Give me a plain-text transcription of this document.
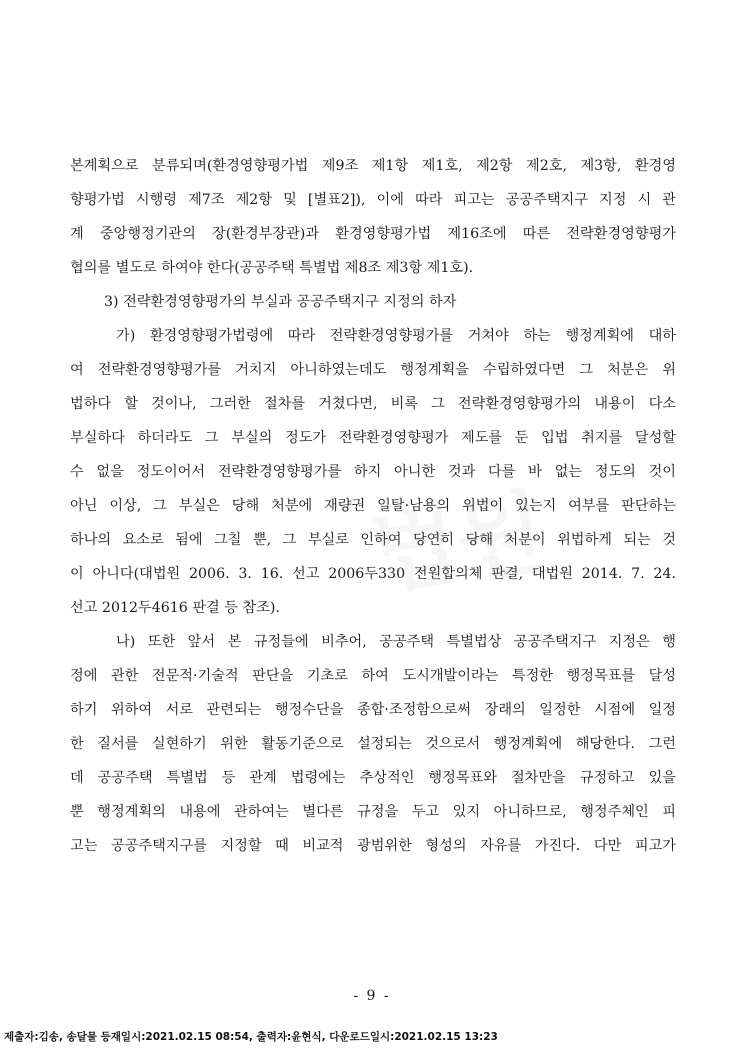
본계획으로 분류되며(환경영향평가법 제9조 제1항 제1호, 제2항 제2호, 제3항, 환경영
향평가법 시행령 제7조 제2항 및 [별표2]), 이에 따라 피고는 공공주택지구 지정 시 관
계 중앙행정기관의 장(환경부장관)과 환경영향평가법 제16조에 따른 전략환경영향평가
협의를 별도로 하여야 한다(공공주택 특별법 제8조 제3항 제1호).
3) 전략환경영향평가의 부실과 공공주택지구 지정의 하자
가) 환경영향평가법령에 따라 전략환경영향평가를 거쳐야 하는 행정계획에 대하
여 전략환경영향평가를 거치지 아니하였는데도 행정계획을 수립하였다면 그 처분은 위
법하다 할 것이나, 그러한 절차를 거쳤다면, 비록 그 전략환경영향평가의 내용이 다소
부실하다 하더라도 그 부실의 정도가 전략환경영향평가 제도를 둔 입법 취지를 달성할
수 없을 정도이어서 전략환경영향평가를 하지 아니한 것과 다를 바 없는 정도의 것이
아닌 이상, 그 부실은 당해 처분에 재량권 일탈·남용의 위법이 있는지 여부를 판단하는
하나의 요소로 됨에 그칠 뿐, 그 부실로 인하여 당연히 당해 처분이 위법하게 되는 것
이 아니다(대법원 2006. 3. 16. 선고 2006두330 전원합의체 판결, 대법원 2014. 7. 24.
선고 2012두4616 판결 등 참조).
나) 또한 앞서 본 규정들에 비추어, 공공주택 특별법상 공공주택지구 지정은 행
정에 관한 전문적·기술적 판단을 기초로 하여 도시개발이라는 특정한 행정목표를 달성
하기 위하여 서로 관련되는 행정수단을 종합·조정함으로써 장래의 일정한 시점에 일정
한 질서를 실현하기 위한 활동기준으로 설정되는 것으로서 행정계획에 해당한다. 그런
데 공공주택 특별법 등 관계 법령에는 추상적인 행정목표와 절차만을 규정하고 있을
뿐 행정계획의 내용에 관하여는 별다른 규정을 두고 있지 아니하므로, 행정주체인 피
고는 공공주택지구를 지정할 때 비교적 광범위한 형성의 자유를 가진다. 다만 피고가
- 9 -
제출자:김송, 송달물 등재일시:2021.02.15 08:54, 출력자:윤현식, 다운로드일시:2021.02.15 13:23
